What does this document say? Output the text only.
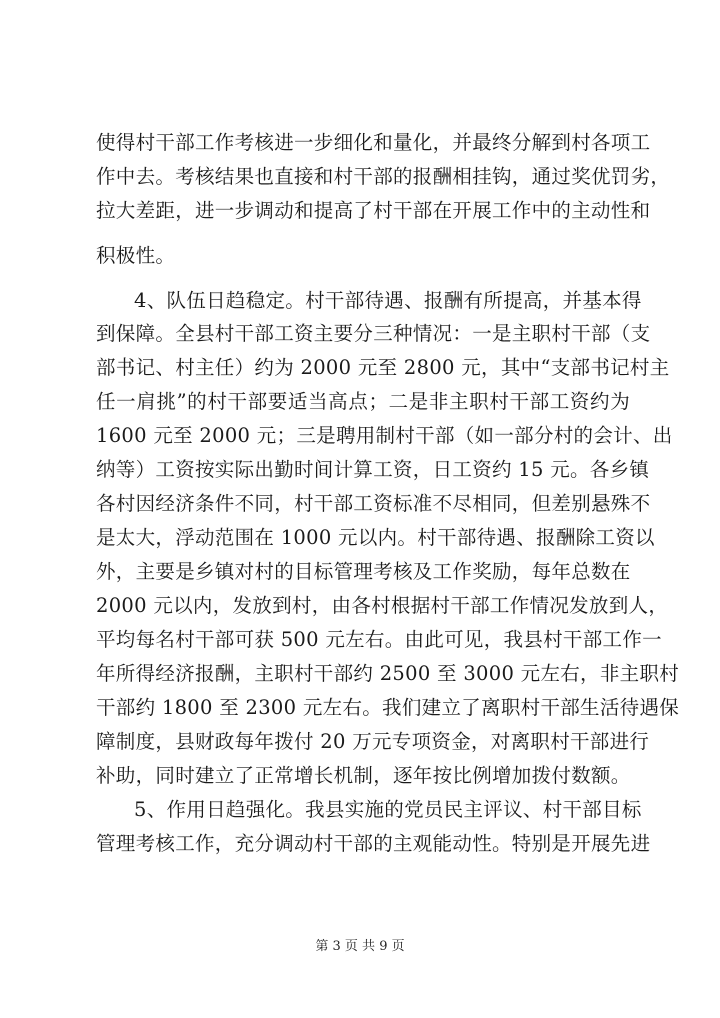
使得村干部工作考核进一步细化和量化，并最终分解到村各项工
作中去。考核结果也直接和村干部的报酬相挂钩，通过奖优罚劣，
拉大差距，进一步调动和提高了村干部在开展工作中的主动性和
积极性。
4、队伍日趋稳定。村干部待遇、报酬有所提高，并基本得
到保障。全县村干部工资主要分三种情况：一是主职村干部（支
部书记、村主任）约为 2000 元至 2800 元，其中“支部书记村主
任一肩挑”的村干部要适当高点；二是非主职村干部工资约为
1600 元至 2000 元；三是聘用制村干部（如一部分村的会计、出
纳等）工资按实际出勤时间计算工资，日工资约 15 元。各乡镇
各村因经济条件不同，村干部工资标准不尽相同，但差别悬殊不
是太大，浮动范围在 1000 元以内。村干部待遇、报酬除工资以
外，主要是乡镇对村的目标管理考核及工作奖励，每年总数在
2000 元以内，发放到村，由各村根据村干部工作情况发放到人，
平均每名村干部可获 500 元左右。由此可见，我县村干部工作一
年所得经济报酬，主职村干部约 2500 至 3000 元左右，非主职村
干部约 1800 至 2300 元左右。我们建立了离职村干部生活待遇保
障制度，县财政每年拨付 20 万元专项资金，对离职村干部进行
补助，同时建立了正常增长机制，逐年按比例增加拨付数额。
5、作用日趋强化。我县实施的党员民主评议、村干部目标
管理考核工作，充分调动村干部的主观能动性。特别是开展先进
第 3 页 共 9 页
